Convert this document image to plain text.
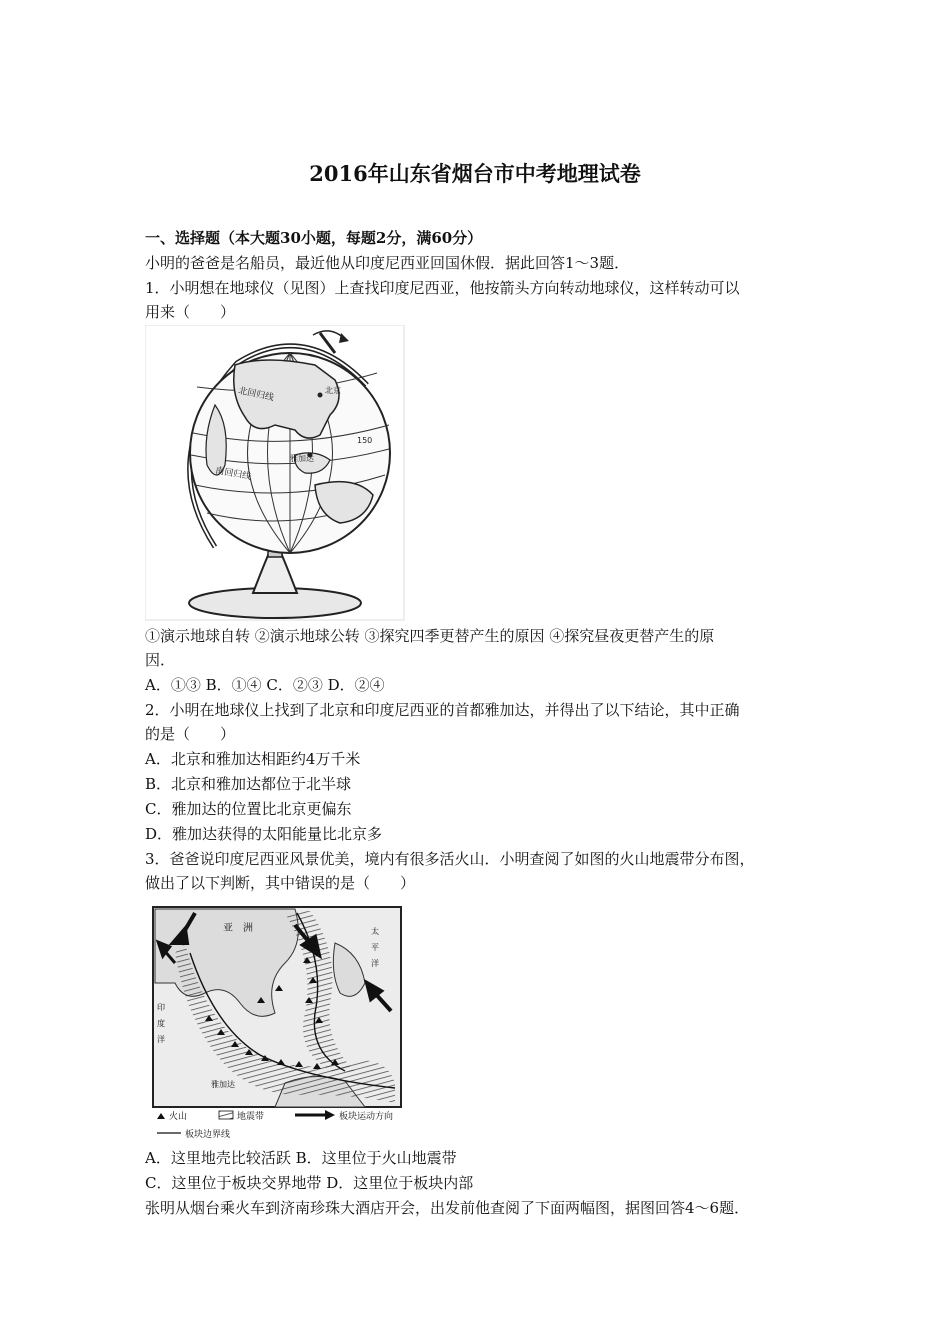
2016年山东省烟台市中考地理试卷
一、选择题（本大题30小题，每题2分，满60分）
小明的爸爸是名船员，最近他从印度尼西亚回国休假．据此回答1～3题．
1．小明想在地球仪（见图）上查找印度尼西亚，他按箭头方向转动地球仪，这样转动可以
用来（　　）
北回归线
南回归线
北京
雅加达
150
①演示地球自转 ②演示地球公转 ③探究四季更替产生的原因 ④探究昼夜更替产生的原
因．
A．①③ B．①④ C．②③ D．②④
2．小明在地球仪上找到了北京和印度尼西亚的首都雅加达，并得出了以下结论，其中正确
的是（　　）
A．北京和雅加达相距约4万千米
B．北京和雅加达都位于北半球
C．雅加达的位置比北京更偏东
D．雅加达获得的太阳能量比北京多
3．爸爸说印度尼西亚风景优美，境内有很多活火山．小明查阅了如图的火山地震带分布图，
做出了以下判断，其中错误的是（　　）
亚　洲	太　平　洋
印　度　洋
雅加达
火山	地震带	板块运动方向
板块边界线
A．这里地壳比较活跃 B．这里位于火山地震带
C．这里位于板块交界地带 D．这里位于板块内部
张明从烟台乘火车到济南珍珠大酒店开会，出发前他查阅了下面两幅图，据图回答4～6题．
